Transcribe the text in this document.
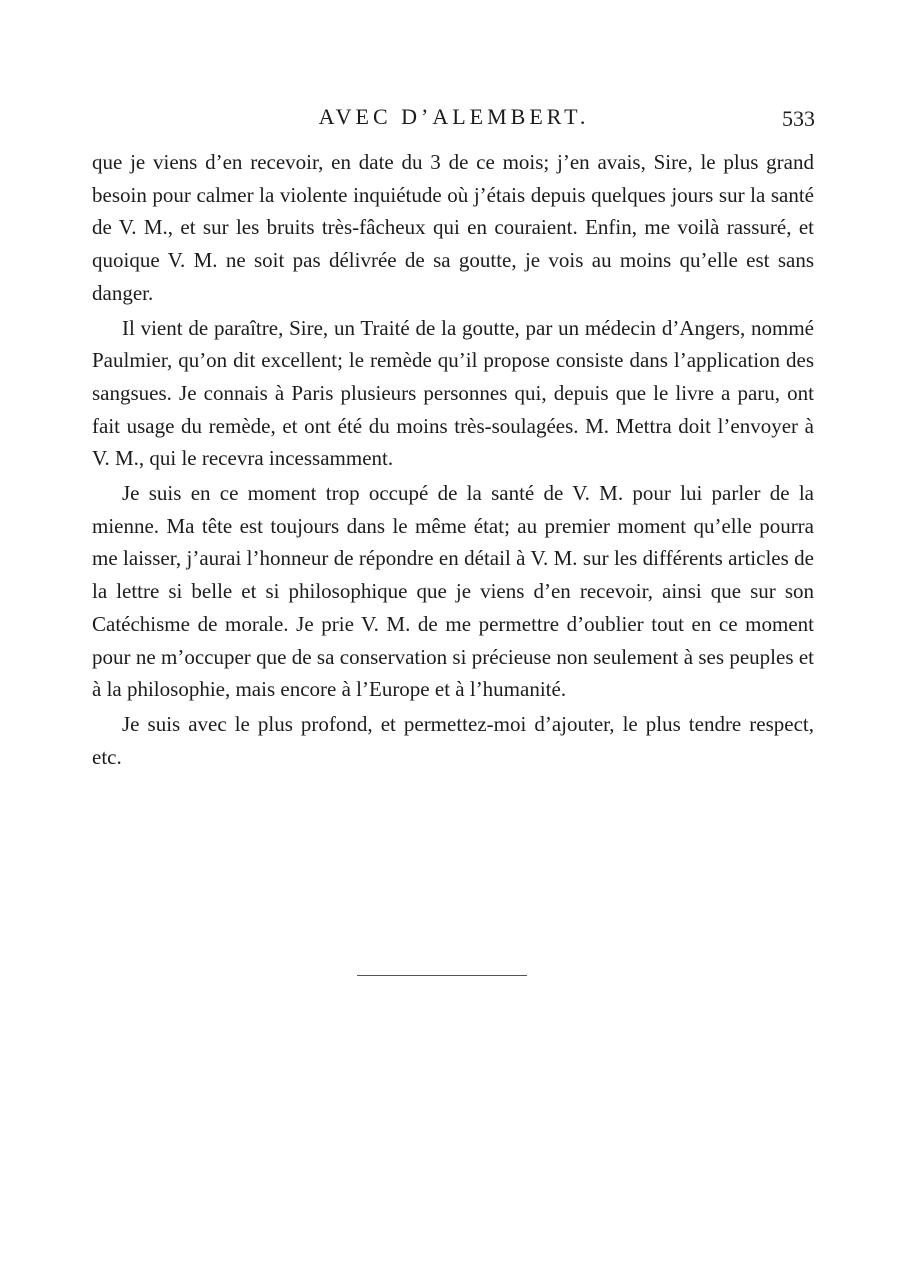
AVEC D’ALEMBERT.	533

que je viens d’en recevoir, en date du 3 de ce mois; j’en avais, Sire, le plus grand besoin pour calmer la violente inquiétude où j’étais depuis quelques jours sur la santé de V. M., et sur les bruits très-fâcheux qui en couraient. Enfin, me voilà rassuré, et quoique V. M. ne soit pas délivrée de sa goutte, je vois au moins qu’elle est sans danger.

Il vient de paraître, Sire, un Traité de la goutte, par un médecin d’Angers, nommé Paulmier, qu’on dit excellent; le remède qu’il propose consiste dans l’application des sangsues. Je connais à Paris plusieurs personnes qui, depuis que le livre a paru, ont fait usage du remède, et ont été du moins très-soulagées. M. Mettra doit l’envoyer à V. M., qui le recevra incessamment.

Je suis en ce moment trop occupé de la santé de V. M. pour lui parler de la mienne. Ma tête est toujours dans le même état; au premier moment qu’elle pourra me laisser, j’aurai l’honneur de répondre en détail à V. M. sur les différents articles de la lettre si belle et si philosophique que je viens d’en recevoir, ainsi que sur son Catéchisme de morale. Je prie V. M. de me permettre d’oublier tout en ce moment pour ne m’occuper que de sa conservation si précieuse non seulement à ses peuples et à la philosophie, mais encore à l’Europe et à l’humanité.

Je suis avec le plus profond, et permettez-moi d’ajouter, le plus tendre respect, etc.
